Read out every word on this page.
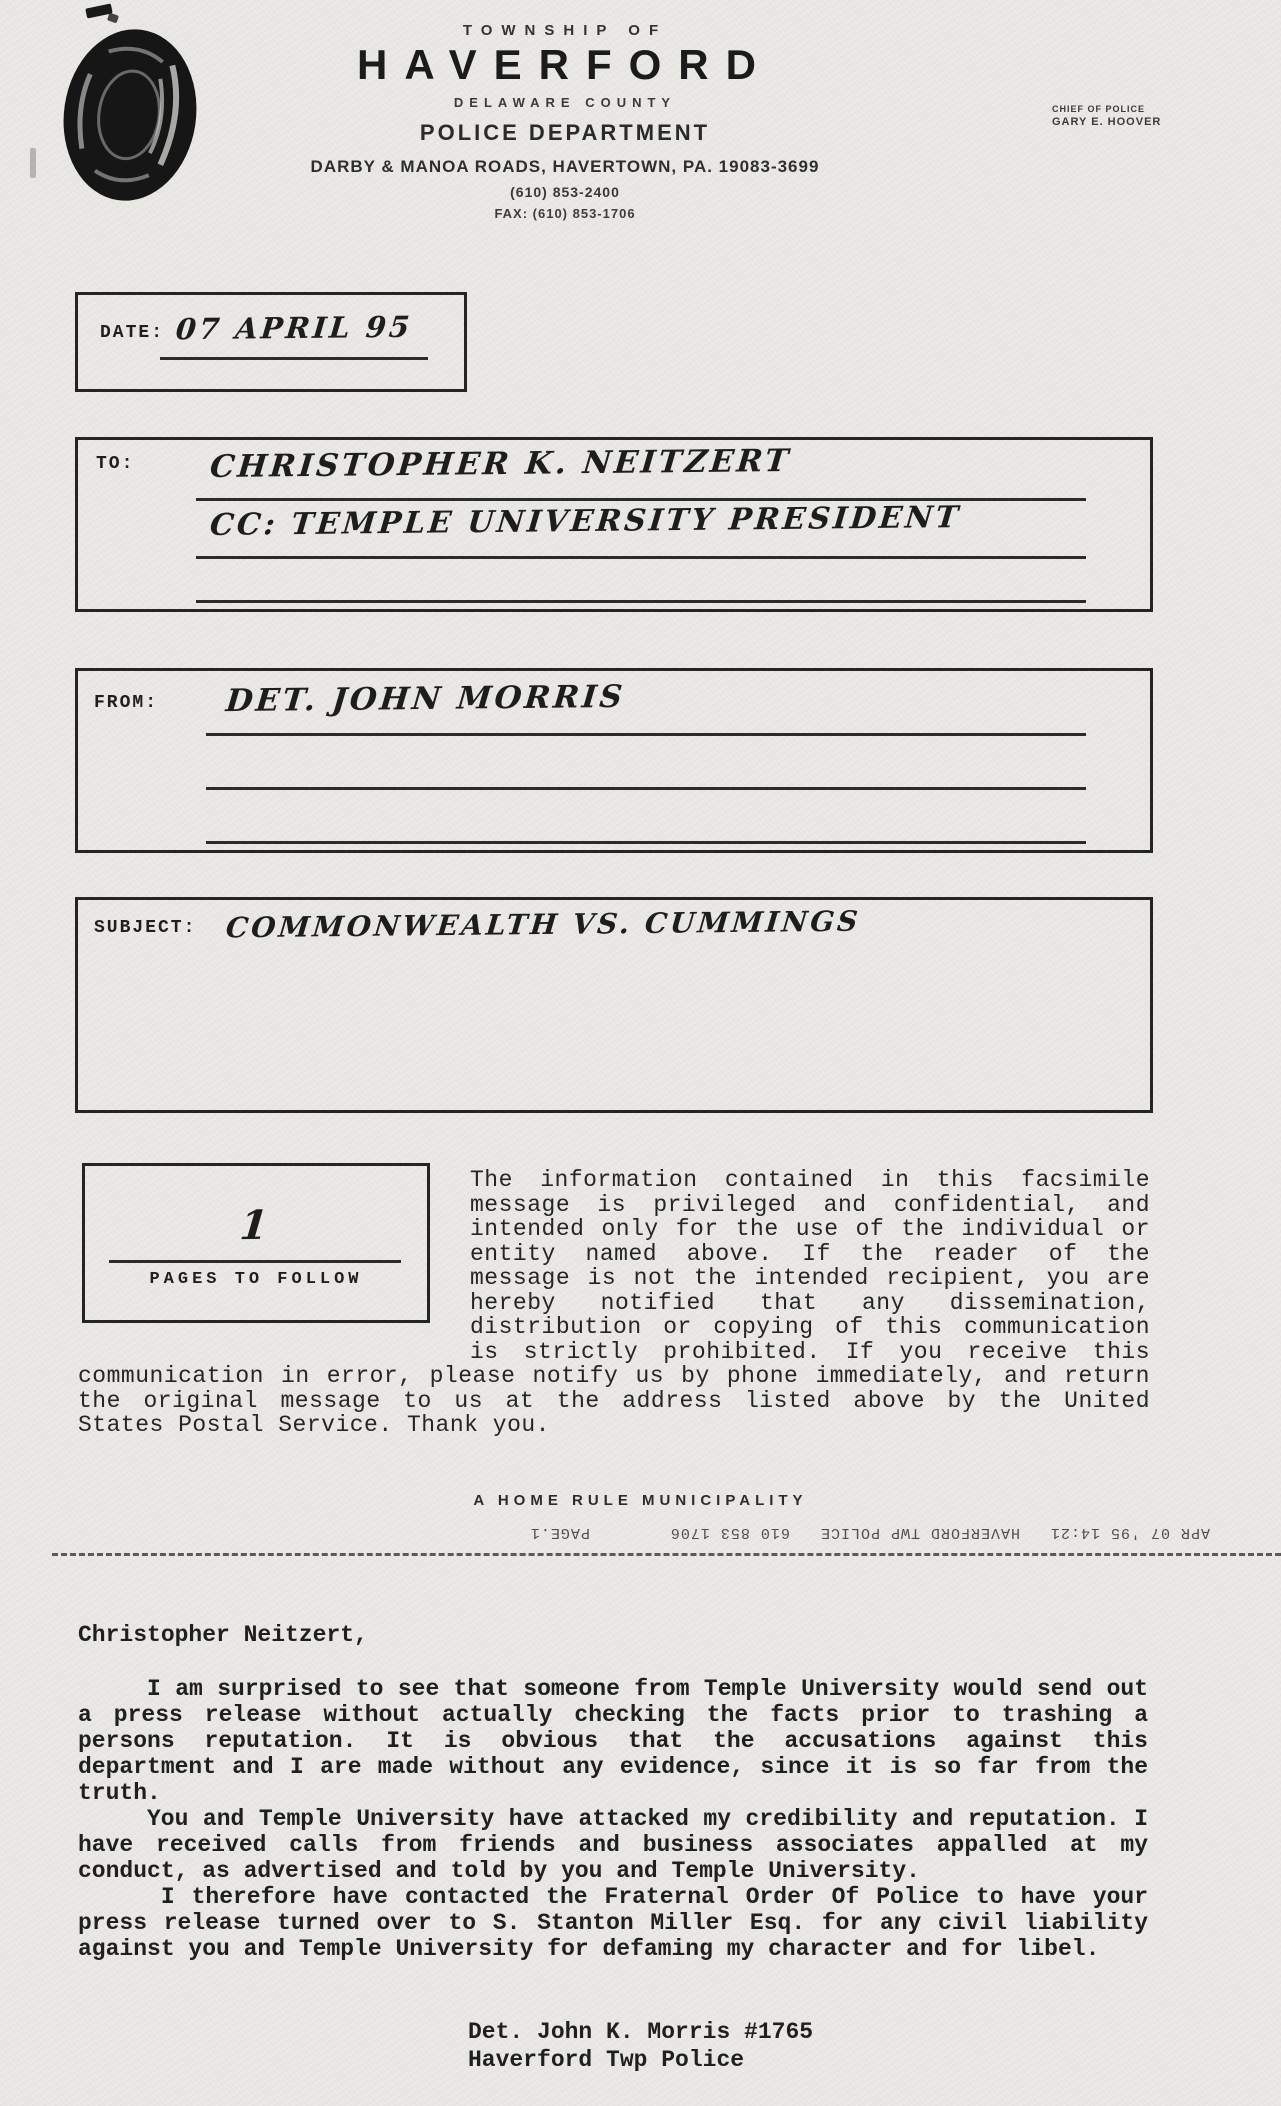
TOWNSHIP OF
HAVERFORD
DELAWARE COUNTY
POLICE DEPARTMENT
DARBY & MANOA ROADS, HAVERTOWN, PA. 19083-3699
(610) 853-2400
FAX: (610) 853-1706
CHIEF OF POLICE
GARY E. HOOVER
DATE: 07 APRIL 95
TO:	CHRISTOPHER K. NEITZERT
CC: TEMPLE UNIVERSITY PRESIDENT
FROM:	DET. JOHN MORRIS
SUBJECT: COMMONWEALTH VS. CUMMINGS
1
PAGES TO FOLLOW
The information contained in this facsimile message is privileged and confidential, and intended only for the use of the individual or entity named above. If the reader of the message is not the intended recipient, you are hereby notified that any dissemination, distribution or copying of this communication is strictly prohibited. If you receive this communication in error, please notify us by phone immediately, and return the original message to us at the address listed above by the United States Postal Service. Thank you.
A HOME RULE MUNICIPALITY
APR 07 '95 14:21   HAVERFORD TWP POLICE   610 853 1706        PAGE.1
Christopher Neitzert,

I am surprised to see that someone from Temple University would send out a press release without actually checking the facts prior to trashing a persons reputation. It is obvious that the accusations against this department and I are made without any evidence, since it is so far from the truth.

You and Temple University have attacked my credibility and reputation. I have received calls from friends and business associates appalled at my conduct, as advertised and told by you and Temple University.

I therefore have contacted the Fraternal Order Of Police to have your press release turned over to S. Stanton Miller Esq. for any civil liability against you and Temple University for defaming my character and for libel.

Det. John K. Morris #1765
Haverford Twp Police
